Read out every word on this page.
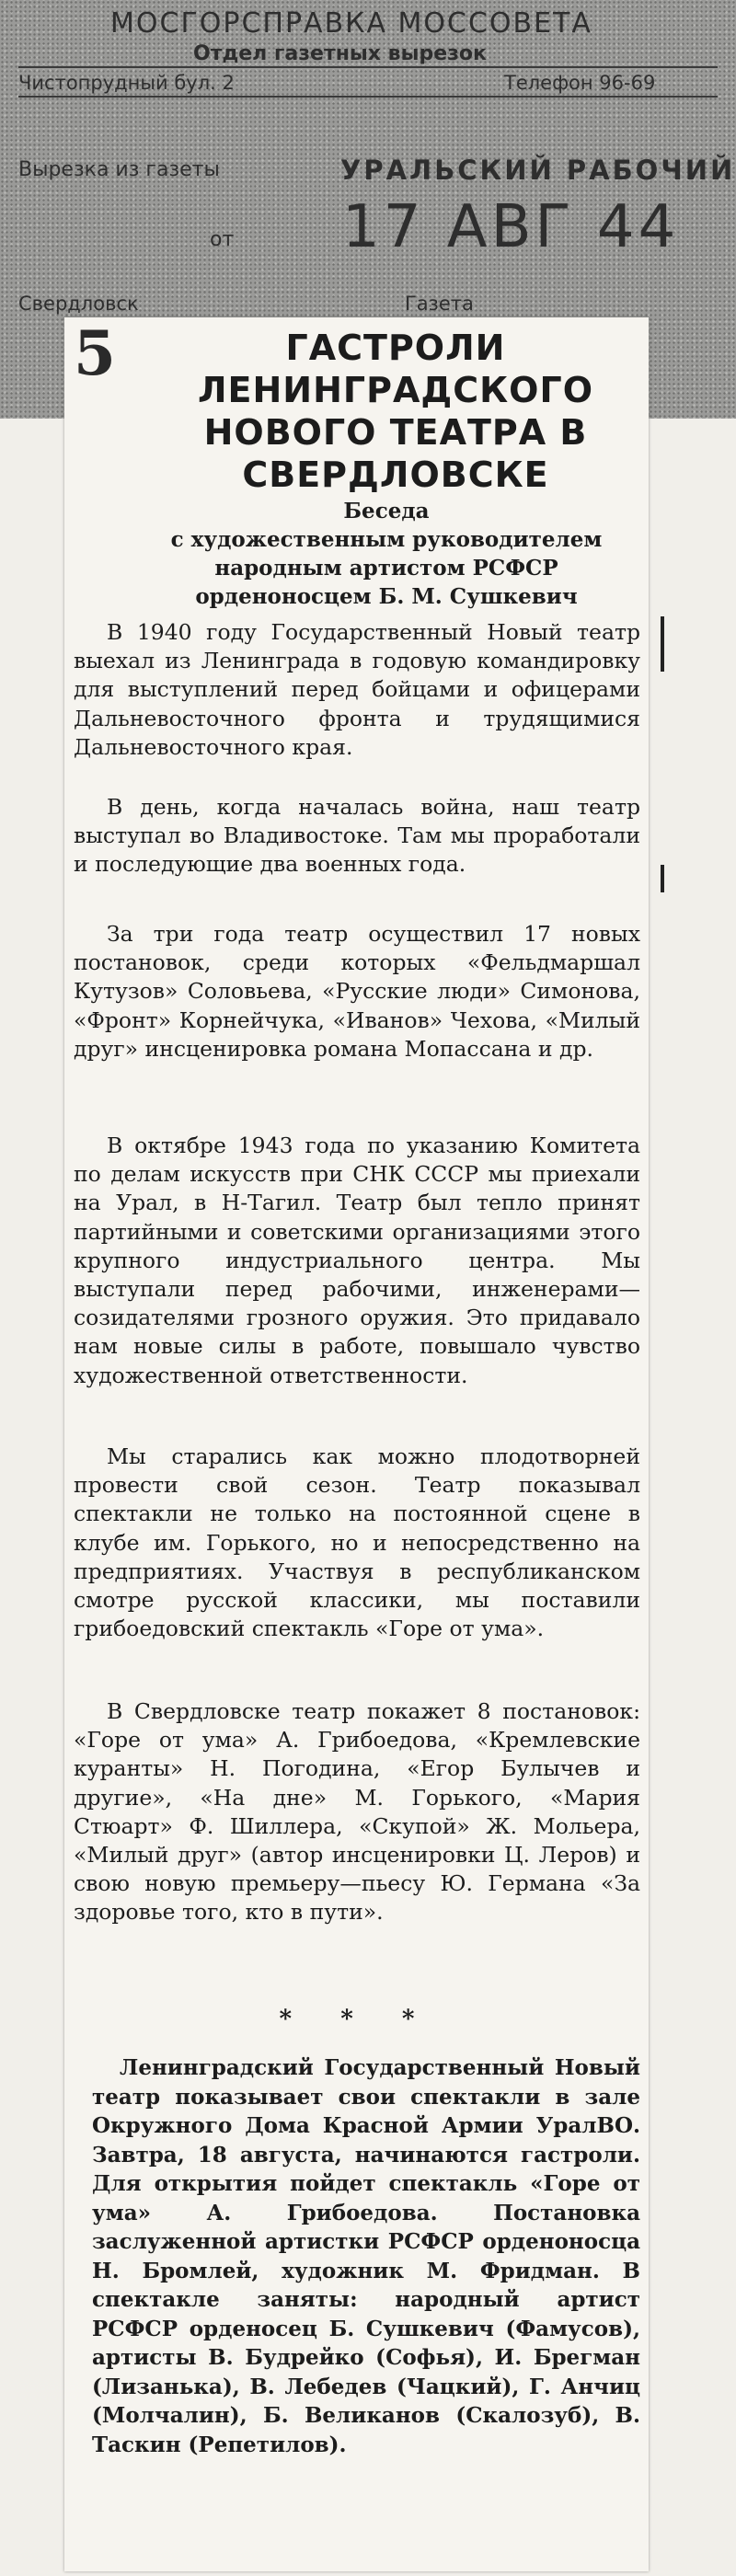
МОСГОРСПРАВКА МОССОВЕТА
Отдел газетных вырезок
Чистопрудный бул. 2	Телефон 96-69
Вырезка из газеты	УРАЛЬСКИЙ РАБОЧИЙ
от 17 АВГ 44
Свердловск	Газета
5	ГАСТРОЛИ ЛЕНИНГРАДСКОГО НОВОГО ТЕАТРА В СВЕРДЛОВСКЕ
Беседа
с художественным руководителем народным артистом РСФСР орденоносцем Б. М. Сушкевич

В 1940 году Государственный Новый театр выехал из Ленинграда в годовую командировку для выступлений перед бойцами и офицерами Дальневосточного фронта и трудящимися Дальневосточного края.

В день, когда началась война, наш театр выступал во Владивостоке. Там мы проработали и последующие два военных года.

За три года театр осуществил 17 новых постановок, среди которых «Фельдмаршал Кутузов» Соловьева, «Русские люди» Симонова, «Фронт» Корнейчука, «Иванов» Чехова, «Милый друг» инсценировка романа Мопассана и др.

В октябре 1943 года по указанию Комитета по делам искусств при СНК СССР мы приехали на Урал, в Н-Тагил. Театр был тепло принят партийными и советскими организациями этого крупного индустриального центра. Мы выступали перед рабочими, инженерами—созидателями грозного оружия. Это придавало нам новые силы в работе, повышало чувство художественной ответственности.

Мы старались как можно плодотворней провести свой сезон. Театр показывал спектакли не только на постоянной сцене в клубе им. Горького, но и непосредственно на предприятиях. Участвуя в республиканском смотре русской классики, мы поставили грибоедовский спектакль «Горе от ума».

В Свердловске театр покажет 8 постановок: «Горе от ума» А. Грибоедова, «Кремлевские куранты» Н. Погодина, «Егор Булычев и другие», «На дне» М. Горького, «Мария Стюарт» Ф. Шиллера, «Скупой» Ж. Мольера, «Милый друг» (автор инсценировки Ц. Леров) и свою новую премьеру—пьесу Ю. Германа «За здоровье того, кто в пути».

* * *
Ленинградский Государственный Новый театр показывает свои спектакли в зале Окружного Дома Красной Армии УралВО. Завтра, 18 августа, начинаются гастроли. Для открытия пойдет спектакль «Горе от ума» А. Грибоедова. Постановка заслуженной артистки РСФСР орденоносца Н. Бромлей, художник М. Фридман. В спектакле заняты: народный артист РСФСР орденосец Б. Сушкевич (Фамусов), артисты В. Будрейко (Софья), И. Брегман (Лизанька), В. Лебедев (Чацкий), Г. Анчиц (Молчалин), Б. Великанов (Скалозуб), В. Таскин (Репетилов).
